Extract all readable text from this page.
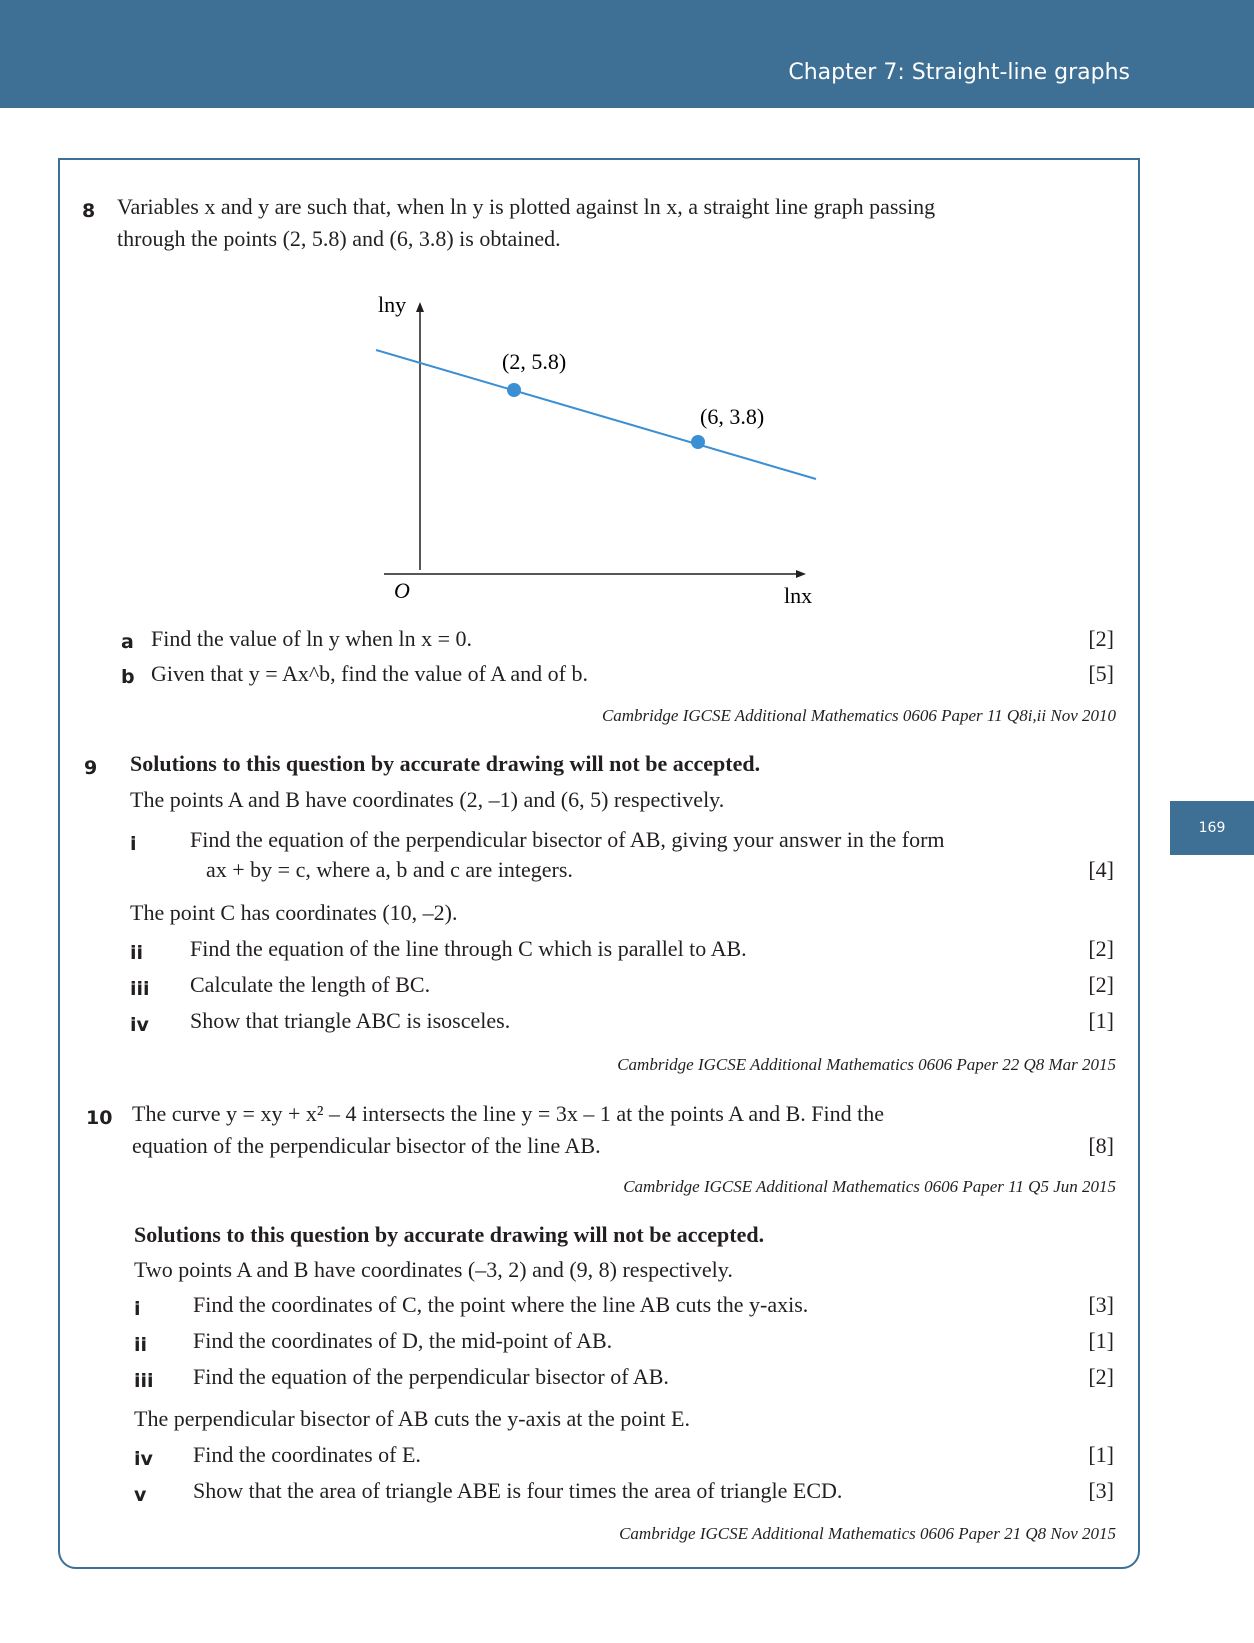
Chapter 7: Straight-line graphs
169
8 Variables x and y are such that, when ln y is plotted against ln x, a straight line graph passing
through the points (2, 5.8) and (6, 3.8) is obtained.
lny
lnx
O
(2, 5.8)
(6, 3.8)
a Find the value of ln y when ln x = 0.	[2]
b Given that y = Ax^b, find the value of A and of b.	[5]
Cambridge IGCSE Additional Mathematics 0606 Paper 11 Q8i,ii Nov 2010
9 Solutions to this question by accurate drawing will not be accepted.
The points A and B have coordinates (2, –1) and (6, 5) respectively.
i Find the equation of the perpendicular bisector of AB, giving your answer in the form
ax + by = c, where a, b and c are integers.	[4]
The point C has coordinates (10, –2).
ii Find the equation of the line through C which is parallel to AB.	[2]
iii Calculate the length of BC.	[2]
iv Show that triangle ABC is isosceles.	[1]
Cambridge IGCSE Additional Mathematics 0606 Paper 22 Q8 Mar 2015
10 The curve y = xy + x² – 4 intersects the line y = 3x – 1 at the points A and B. Find the
equation of the perpendicular bisector of the line AB.	[8]
Cambridge IGCSE Additional Mathematics 0606 Paper 11 Q5 Jun 2015
Solutions to this question by accurate drawing will not be accepted.
Two points A and B have coordinates (–3, 2) and (9, 8) respectively.
i Find the coordinates of C, the point where the line AB cuts the y-axis.	[3]
ii Find the coordinates of D, the mid-point of AB.	[1]
iii Find the equation of the perpendicular bisector of AB.	[2]
The perpendicular bisector of AB cuts the y-axis at the point E.
iv Find the coordinates of E.	[1]
v Show that the area of triangle ABE is four times the area of triangle ECD.	[3]
Cambridge IGCSE Additional Mathematics 0606 Paper 21 Q8 Nov 2015
